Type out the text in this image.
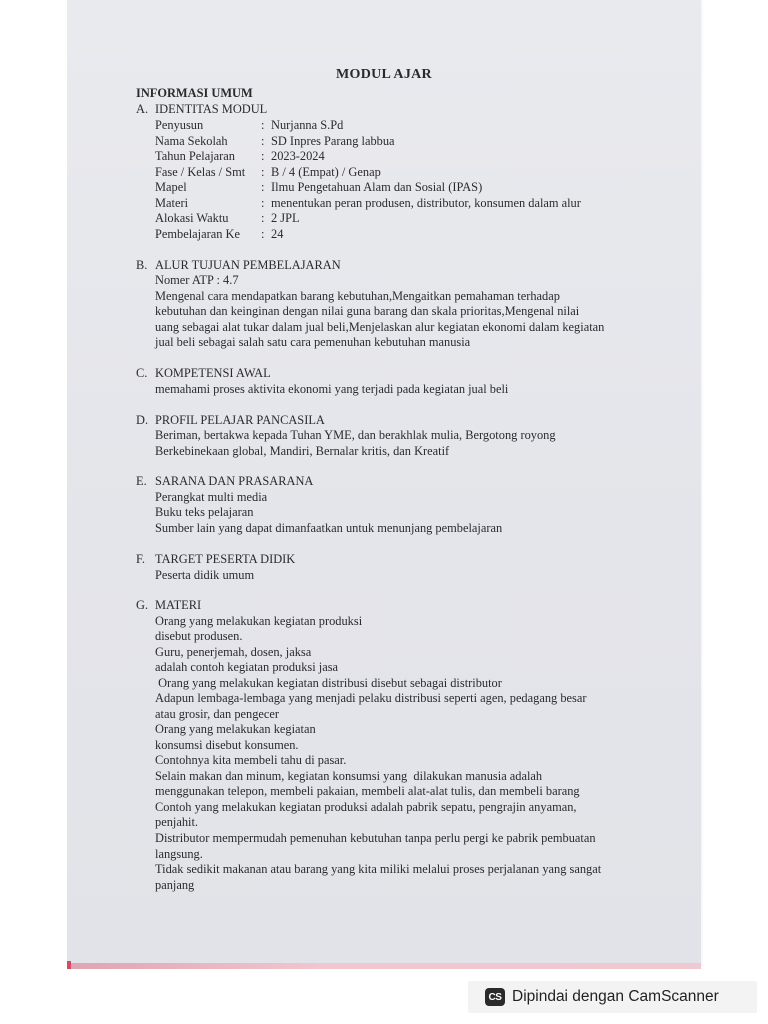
MODUL AJAR
INFORMASI UMUM
A. IDENTITAS MODUL
Penyusun	: Nurjanna S.Pd
Nama Sekolah	: SD Inpres Parang labbua
Tahun Pelajaran : 2023-2024
Fase / Kelas / Smt : B / 4 (Empat) / Genap
Mapel	: Ilmu Pengetahuan Alam dan Sosial (IPAS)
Materi	: menentukan peran produsen, distributor, konsumen dalam alur
Alokasi Waktu	: 2 JPL
Pembelajaran Ke : 24
B. ALUR TUJUAN PEMBELAJARAN
Nomer ATP : 4.7
Mengenal cara mendapatkan barang kebutuhan,Mengaitkan pemahaman terhadap
kebutuhan dan keinginan dengan nilai guna barang dan skala prioritas,Mengenal nilai
uang sebagai alat tukar dalam jual beli,Menjelaskan alur kegiatan ekonomi dalam kegiatan
jual beli sebagai salah satu cara pemenuhan kebutuhan manusia
C. KOMPETENSI AWAL
memahami proses aktivita ekonomi yang terjadi pada kegiatan jual beli
D. PROFIL PELAJAR PANCASILA
Beriman, bertakwa kepada Tuhan YME, dan berakhlak mulia, Bergotong royong
Berkebinekaan global, Mandiri, Bernalar kritis, dan Kreatif
E. SARANA DAN PRASARANA
Perangkat multi media
Buku teks pelajaran
Sumber lain yang dapat dimanfaatkan untuk menunjang pembelajaran
F. TARGET PESERTA DIDIK
Peserta didik umum
G. MATERI
Orang yang melakukan kegiatan produksi
disebut produsen.
Guru, penerjemah, dosen, jaksa
adalah contoh kegiatan produksi jasa
Orang yang melakukan kegiatan distribusi disebut sebagai distributor
Adapun lembaga‑lembaga yang menjadi pelaku distribusi seperti agen, pedagang besar
atau grosir, dan pengecer
Orang yang melakukan kegiatan
konsumsi disebut konsumen.
Contohnya kita membeli tahu di pasar.
Selain makan dan minum, kegiatan konsumsi yang  dilakukan manusia adalah
menggunakan telepon, membeli pakaian, membeli alat-alat tulis, dan membeli barang
Contoh yang melakukan kegiatan produksi adalah pabrik sepatu, pengrajin anyaman,
penjahit.
Distributor mempermudah pemenuhan kebutuhan tanpa perlu pergi ke pabrik pembuatan
langsung.
Tidak sedikit makanan atau barang yang kita miliki melalui proses perjalanan yang sangat
panjang
CS Dipindai dengan CamScanner
